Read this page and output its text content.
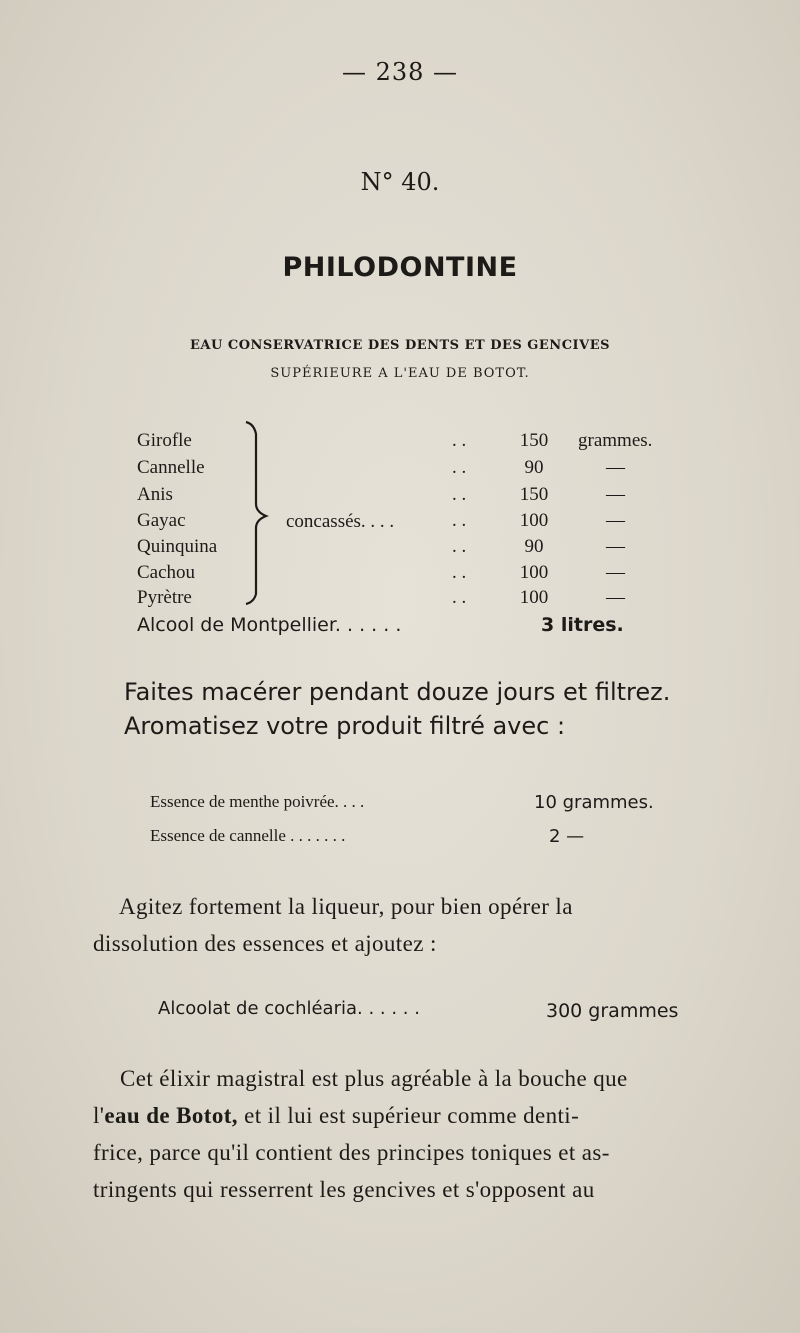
— 238 —
N° 40.
PHILODONTINE
EAU CONSERVATRICE DES DENTS ET DES GENCIVES
SUPÉRIEURE A L'EAU DE BOTOT.
Girofle	. .	150	grammes.
Cannelle	. .	90	—
Anis	. .	150	—
Gayac	. .	100	—
Quinquina	. .	90	—
Cachou	. .	100	—
Pyrètre	. .	100	—
concassés. . . .
Alcool de Montpellier. . . . . .	3 litres.
Faites macérer pendant douze jours et filtrez.
Aromatisez votre produit filtré avec :
Essence de menthe poivrée. . . .	10 grammes.
Essence de cannelle . . . . . . .	2 —
Agitez fortement la liqueur, pour bien opérer la
dissolution des essences et ajoutez :
Alcoolat de cochléaria. . . . . .	300 grammes
Cet élixir magistral est plus agréable à la bouche que
l'eau de Botot, et il lui est supérieur comme denti-
frice, parce qu'il contient des principes toniques et as-
tringents qui resserrent les gencives et s'opposent au
